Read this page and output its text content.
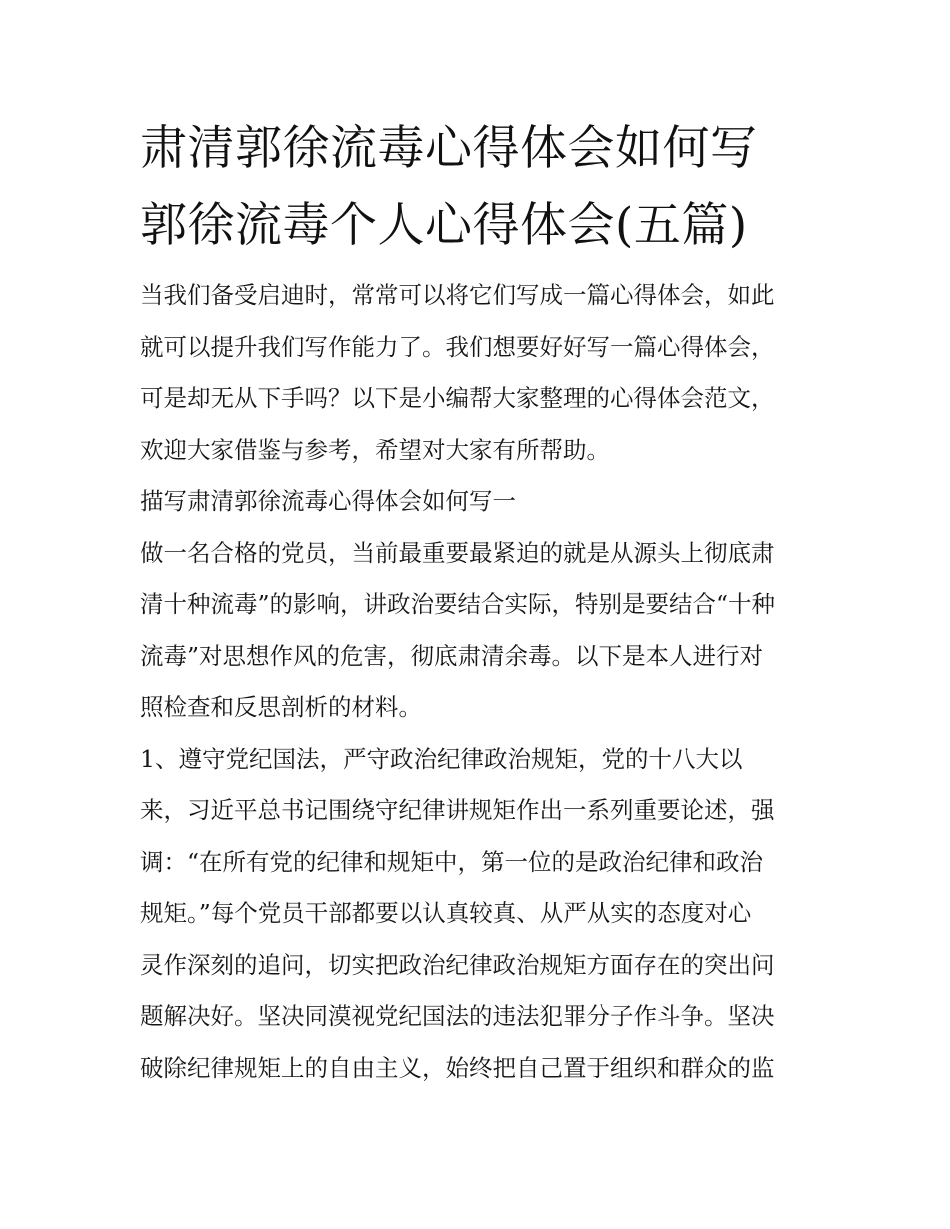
肃清郭徐流毒心得体会如何写
郭徐流毒个人心得体会(五篇)
当我们备受启迪时，常常可以将它们写成一篇心得体会，如此
就可以提升我们写作能力了。我们想要好好写一篇心得体会，
可是却无从下手吗？以下是小编帮大家整理的心得体会范文，
欢迎大家借鉴与参考，希望对大家有所帮助。
描写肃清郭徐流毒心得体会如何写一
做一名合格的党员，当前最重要最紧迫的就是从源头上彻底肃
清十种流毒”的影响，讲政治要结合实际，特别是要结合“十种
流毒”对思想作风的危害，彻底肃清余毒。以下是本人进行对
照检查和反思剖析的材料。
1、遵守党纪国法，严守政治纪律政治规矩，党的十八大以
来，习近平总书记围绕守纪律讲规矩作出一系列重要论述，强
调：“在所有党的纪律和规矩中，第一位的是政治纪律和政治
规矩。”每个党员干部都要以认真较真、从严从实的态度对心
灵作深刻的追问，切实把政治纪律政治规矩方面存在的突出问
题解决好。坚决同漠视党纪国法的违法犯罪分子作斗争。坚决
破除纪律规矩上的自由主义，始终把自己置于组织和群众的监
